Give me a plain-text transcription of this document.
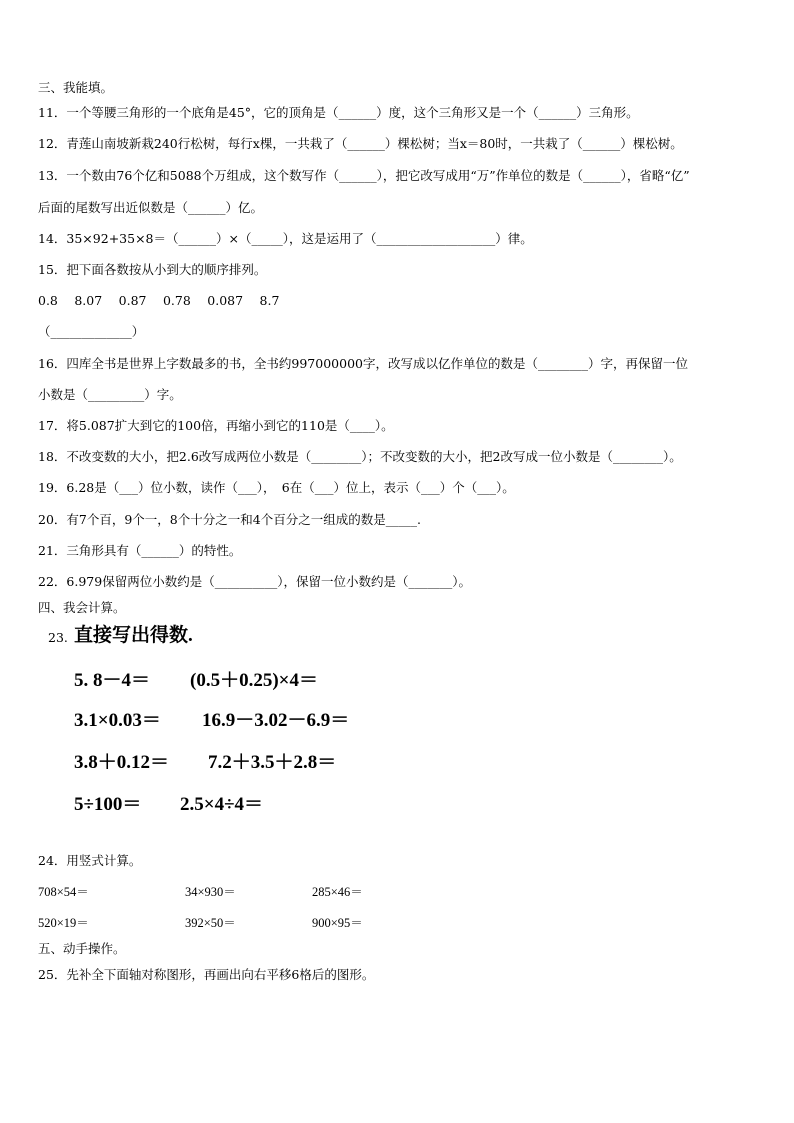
三、我能填。
11．一个等腰三角形的一个底角是45°，它的顶角是（______）度，这个三角形又是一个（______）三角形。
12．青莲山南坡新栽240行松树，每行x棵，一共栽了（______）棵松树；当x＝80时，一共栽了（______）棵松树。
13．一个数由76个亿和5088个万组成，这个数写作（______），把它改写成用“万”作单位的数是（______），省略“亿”
后面的尾数写出近似数是（______）亿。
14．35×92+35×8＝（______）×（_____），这是运用了（___________________）律。
15．把下面各数按从小到大的顺序排列。
0.8　 8.07　 0.87　 0.78　 0.087　 8.7
（_____________）
16．四库全书是世界上字数最多的书，全书约997000000字，改写成以亿作单位的数是（________）字，再保留一位
小数是（_________）字。
17．将5.087扩大到它的100倍，再缩小到它的110是（____）。
18．不改变数的大小，把2.6改写成两位小数是（________）；不改变数的大小，把2改写成一位小数是（________）。
19．6.28是（___）位小数，读作（___），　6在（___）位上，表示（___）个（___）。
20．有7个百，9个一，8个十分之一和4个百分之一组成的数是_____.
21．三角形具有（______）的特性。
22．6.979保留两位小数约是（__________），保留一位小数约是（_______）。
四、我会计算。
23. 直接写出得数.
5. 8－4＝ (0.5＋0.25)×4＝
3.1×0.03＝ 16.9－3.02－6.9＝
3.8＋0.12＝ 7.2＋3.5＋2.8＝
5÷100＝ 2.5×4÷4＝
24．用竖式计算。
708×54＝	34×930＝	285×46＝
520×19＝	392×50＝	900×95＝
五、动手操作。
25．先补全下面轴对称图形，再画出向右平移6格后的图形。
